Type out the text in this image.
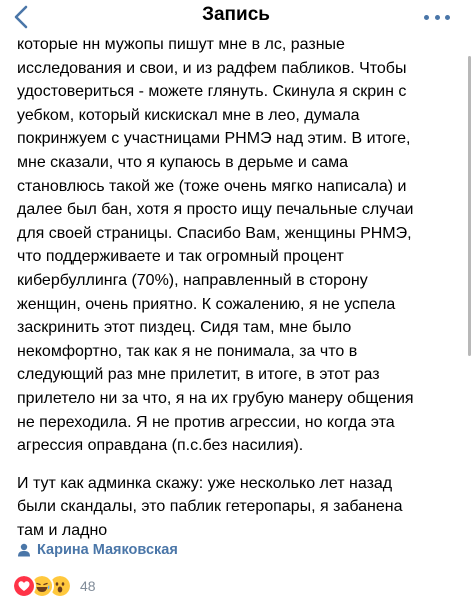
Запись

которые нн мужопы пишут мне в лс, разные
исследования и свои, и из радфем пабликов. Чтобы
удостовериться - можете глянуть. Скинула я скрин с
уебком, который кискискал мне в лео, думала
покринжуем с участницами РНМЭ над этим. В итоге,
мне сказали, что я купаюсь в дерьме и сама
становлюсь такой же (тоже очень мягко написала) и
далее был бан, хотя я просто ищу печальные случаи
для своей страницы. Спасибо Вам, женщины РНМЭ,
что поддерживаете и так огромный процент
кибербуллинга (70%), направленный в сторону
женщин, очень приятно. К сожалению, я не успела
заскринить этот пиздец. Сидя там, мне было
некомфортно, так как я не понимала, за что в
следующий раз мне прилетит, в итоге, в этот раз
прилетело ни за что, я на их грубую манеру общения
не переходила. Я не против агрессии, но когда эта
агрессия оправдана (п.с.без насилия).

И тут как админка скажу: уже несколько лет назад
были скандалы, это паблик гетеропары, я забанена
там и ладно

Карина Маяковская
48
